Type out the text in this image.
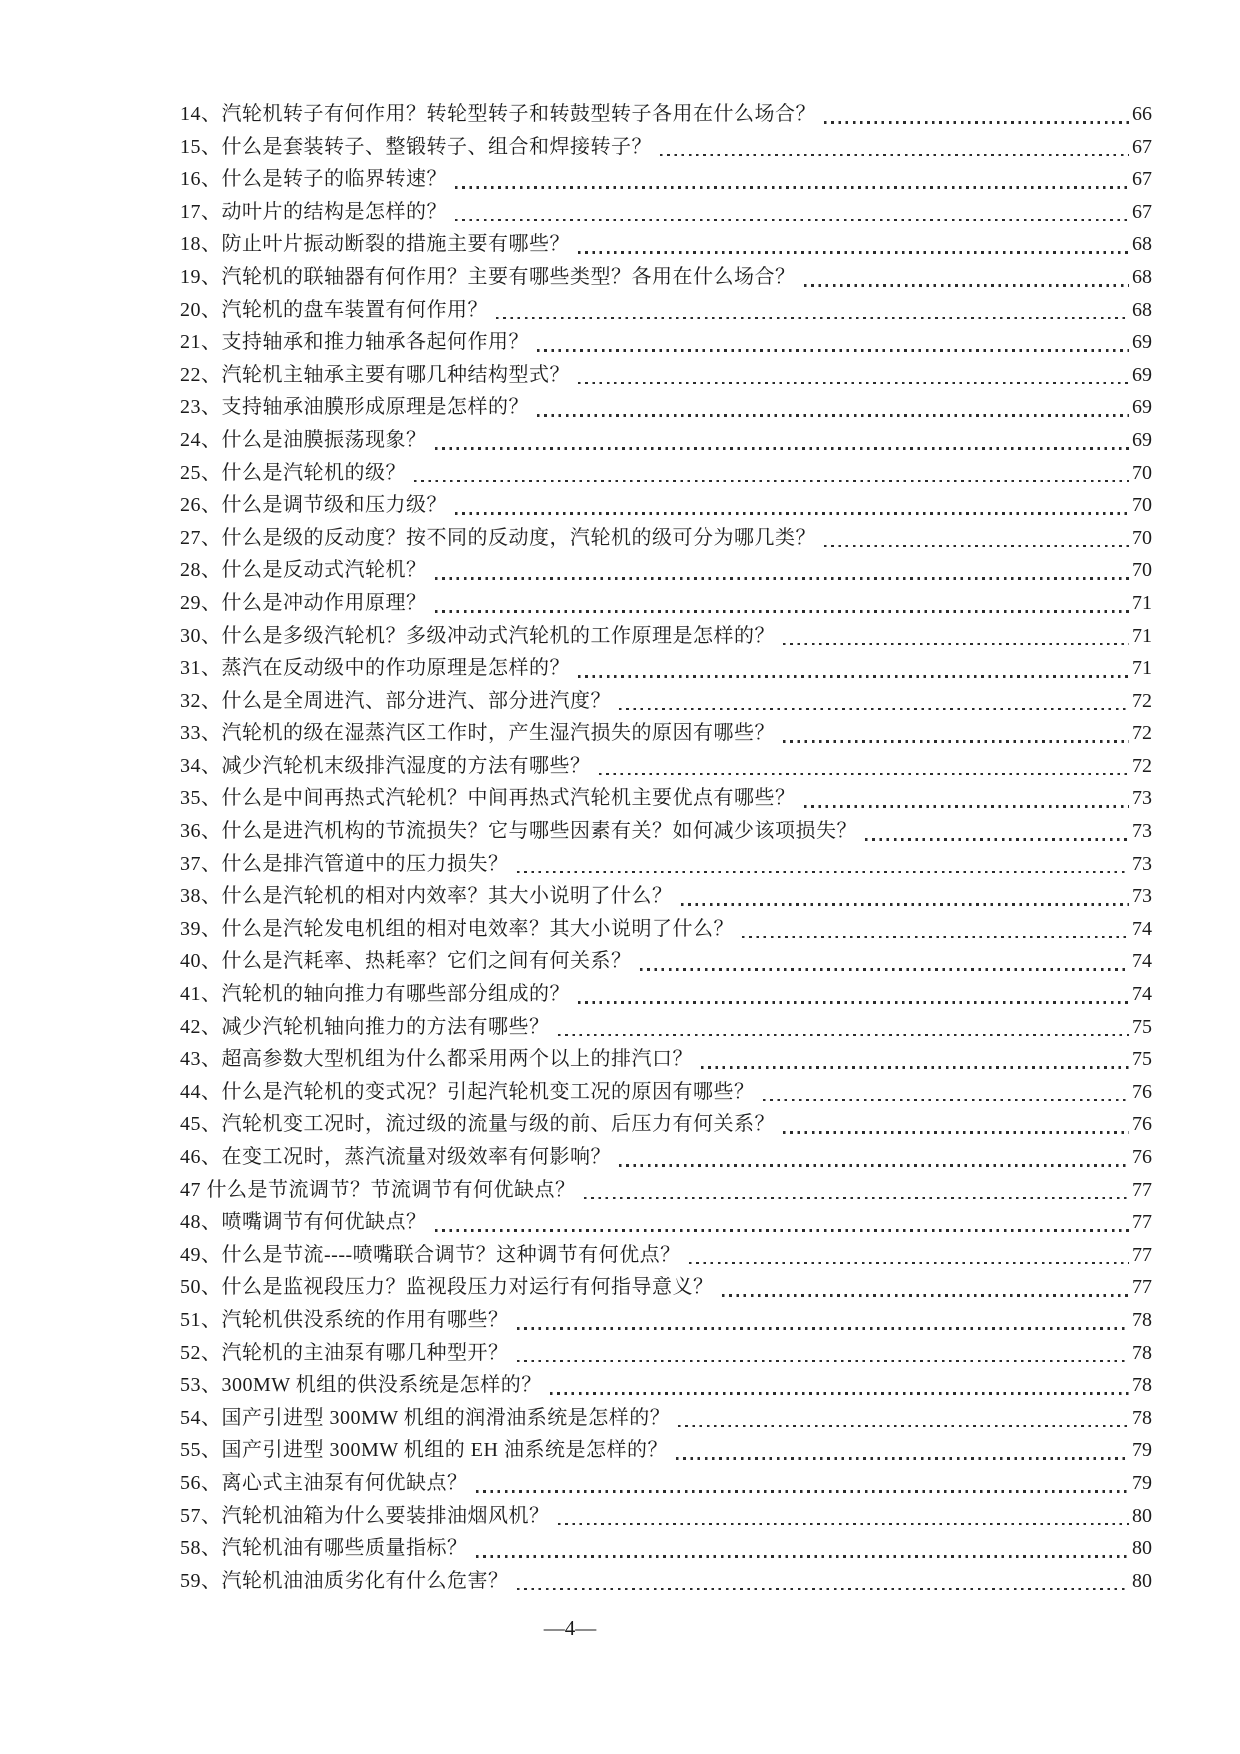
14、汽轮机转子有何作用？转轮型转子和转鼓型转子各用在什么场合？	66
15、什么是套装转子、整锻转子、组合和焊接转子？	67
16、什么是转子的临界转速？	67
17、动叶片的结构是怎样的？	67
18、防止叶片振动断裂的措施主要有哪些？	68
19、汽轮机的联轴器有何作用？主要有哪些类型？各用在什么场合？	68
20、汽轮机的盘车装置有何作用？	68
21、支持轴承和推力轴承各起何作用？	69
22、汽轮机主轴承主要有哪几种结构型式？	69
23、支持轴承油膜形成原理是怎样的？	69
24、什么是油膜振荡现象？	69
25、什么是汽轮机的级？	70
26、什么是调节级和压力级？	70
27、什么是级的反动度？按不同的反动度，汽轮机的级可分为哪几类？	70
28、什么是反动式汽轮机？	70
29、什么是冲动作用原理？	71
30、什么是多级汽轮机？多级冲动式汽轮机的工作原理是怎样的？	71
31、蒸汽在反动级中的作功原理是怎样的？	71
32、什么是全周进汽、部分进汽、部分进汽度？	72
33、汽轮机的级在湿蒸汽区工作时，产生湿汽损失的原因有哪些？	72
34、减少汽轮机末级排汽湿度的方法有哪些？	72
35、什么是中间再热式汽轮机？中间再热式汽轮机主要优点有哪些？	73
36、什么是进汽机构的节流损失？它与哪些因素有关？如何减少该项损失？	73
37、什么是排汽管道中的压力损失？	73
38、什么是汽轮机的相对内效率？其大小说明了什么？	73
39、什么是汽轮发电机组的相对电效率？其大小说明了什么？	74
40、什么是汽耗率、热耗率？它们之间有何关系？	74
41、汽轮机的轴向推力有哪些部分组成的？	74
42、减少汽轮机轴向推力的方法有哪些？	75
43、超高参数大型机组为什么都采用两个以上的排汽口？	75
44、什么是汽轮机的变式况？引起汽轮机变工况的原因有哪些？	76
45、汽轮机变工况时，流过级的流量与级的前、后压力有何关系？	76
46、在变工况时，蒸汽流量对级效率有何影响？	76
47 什么是节流调节？节流调节有何优缺点？	77
48、喷嘴调节有何优缺点？	77
49、什么是节流----喷嘴联合调节？这种调节有何优点？	77
50、什么是监视段压力？监视段压力对运行有何指导意义？	77
51、汽轮机供没系统的作用有哪些？	78
52、汽轮机的主油泵有哪几种型开？	78
53、300MW 机组的供没系统是怎样的？	78
54、国产引进型 300MW 机组的润滑油系统是怎样的？	78
55、国产引进型 300MW 机组的 EH 油系统是怎样的？	79
56、离心式主油泵有何优缺点？	79
57、汽轮机油箱为什么要装排油烟风机？	80
58、汽轮机油有哪些质量指标？	80
59、汽轮机油油质劣化有什么危害？	80
—4—
